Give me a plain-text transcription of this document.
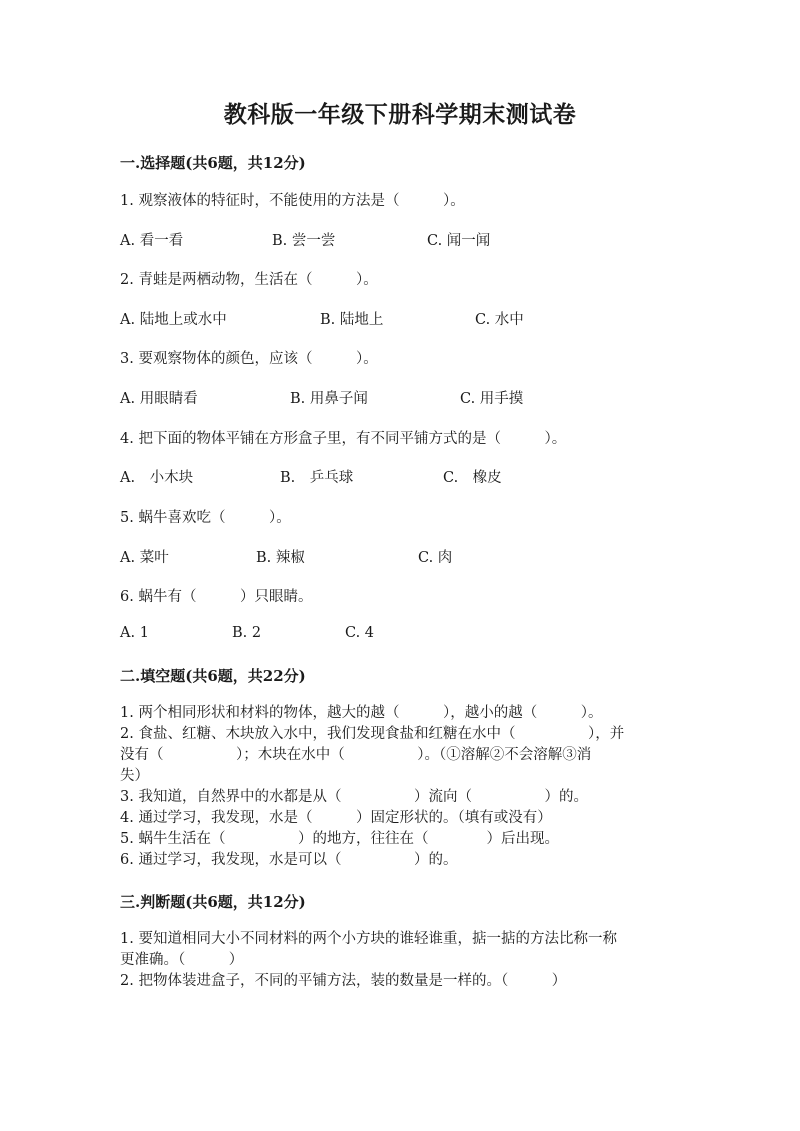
教科版一年级下册科学期末测试卷
一.选择题(共6题，共12分)
1. 观察液体的特征时，不能使用的方法是（　　　）。
A. 看一看	B. 尝一尝	C. 闻一闻
2. 青蛙是两栖动物，生活在（　　　）。
A. 陆地上或水中	B. 陆地上	C. 水中
3. 要观察物体的颜色，应该（　　　）。
A. 用眼睛看	B. 用鼻子闻	C. 用手摸
4. 把下面的物体平铺在方形盒子里，有不同平铺方式的是（　　　）。
A.　小木块	B.　乒乓球	C.　橡皮
5. 蜗牛喜欢吃（　　　）。
A. 菜叶	B. 辣椒	C. 肉
6. 蜗牛有（　　　）只眼睛。
A. 1	B. 2	C. 4
二.填空题(共6题，共22分)
1. 两个相同形状和材料的物体，越大的越（　　　），越小的越（　　　）。
2. 食盐、红糖、木块放入水中，我们发现食盐和红糖在水中（　　　　　），并
没有（　　　　　）；木块在水中（　　　　　）。（①溶解②不会溶解③消
失）
3. 我知道，自然界中的水都是从（　　　　　）流向（　　　　　）的。
4. 通过学习，我发现，水是（　　　）固定形状的。（填有或没有）
5. 蜗牛生活在（　　　　　）的地方，往往在（　　　　）后出现。
6. 通过学习，我发现，水是可以（　　　　　）的。
三.判断题(共6题，共12分)
1. 要知道相同大小不同材料的两个小方块的谁轻谁重，掂一掂的方法比称一称
更准确。（　　　）
2. 把物体装进盒子，不同的平铺方法，装的数量是一样的。（　　　）
